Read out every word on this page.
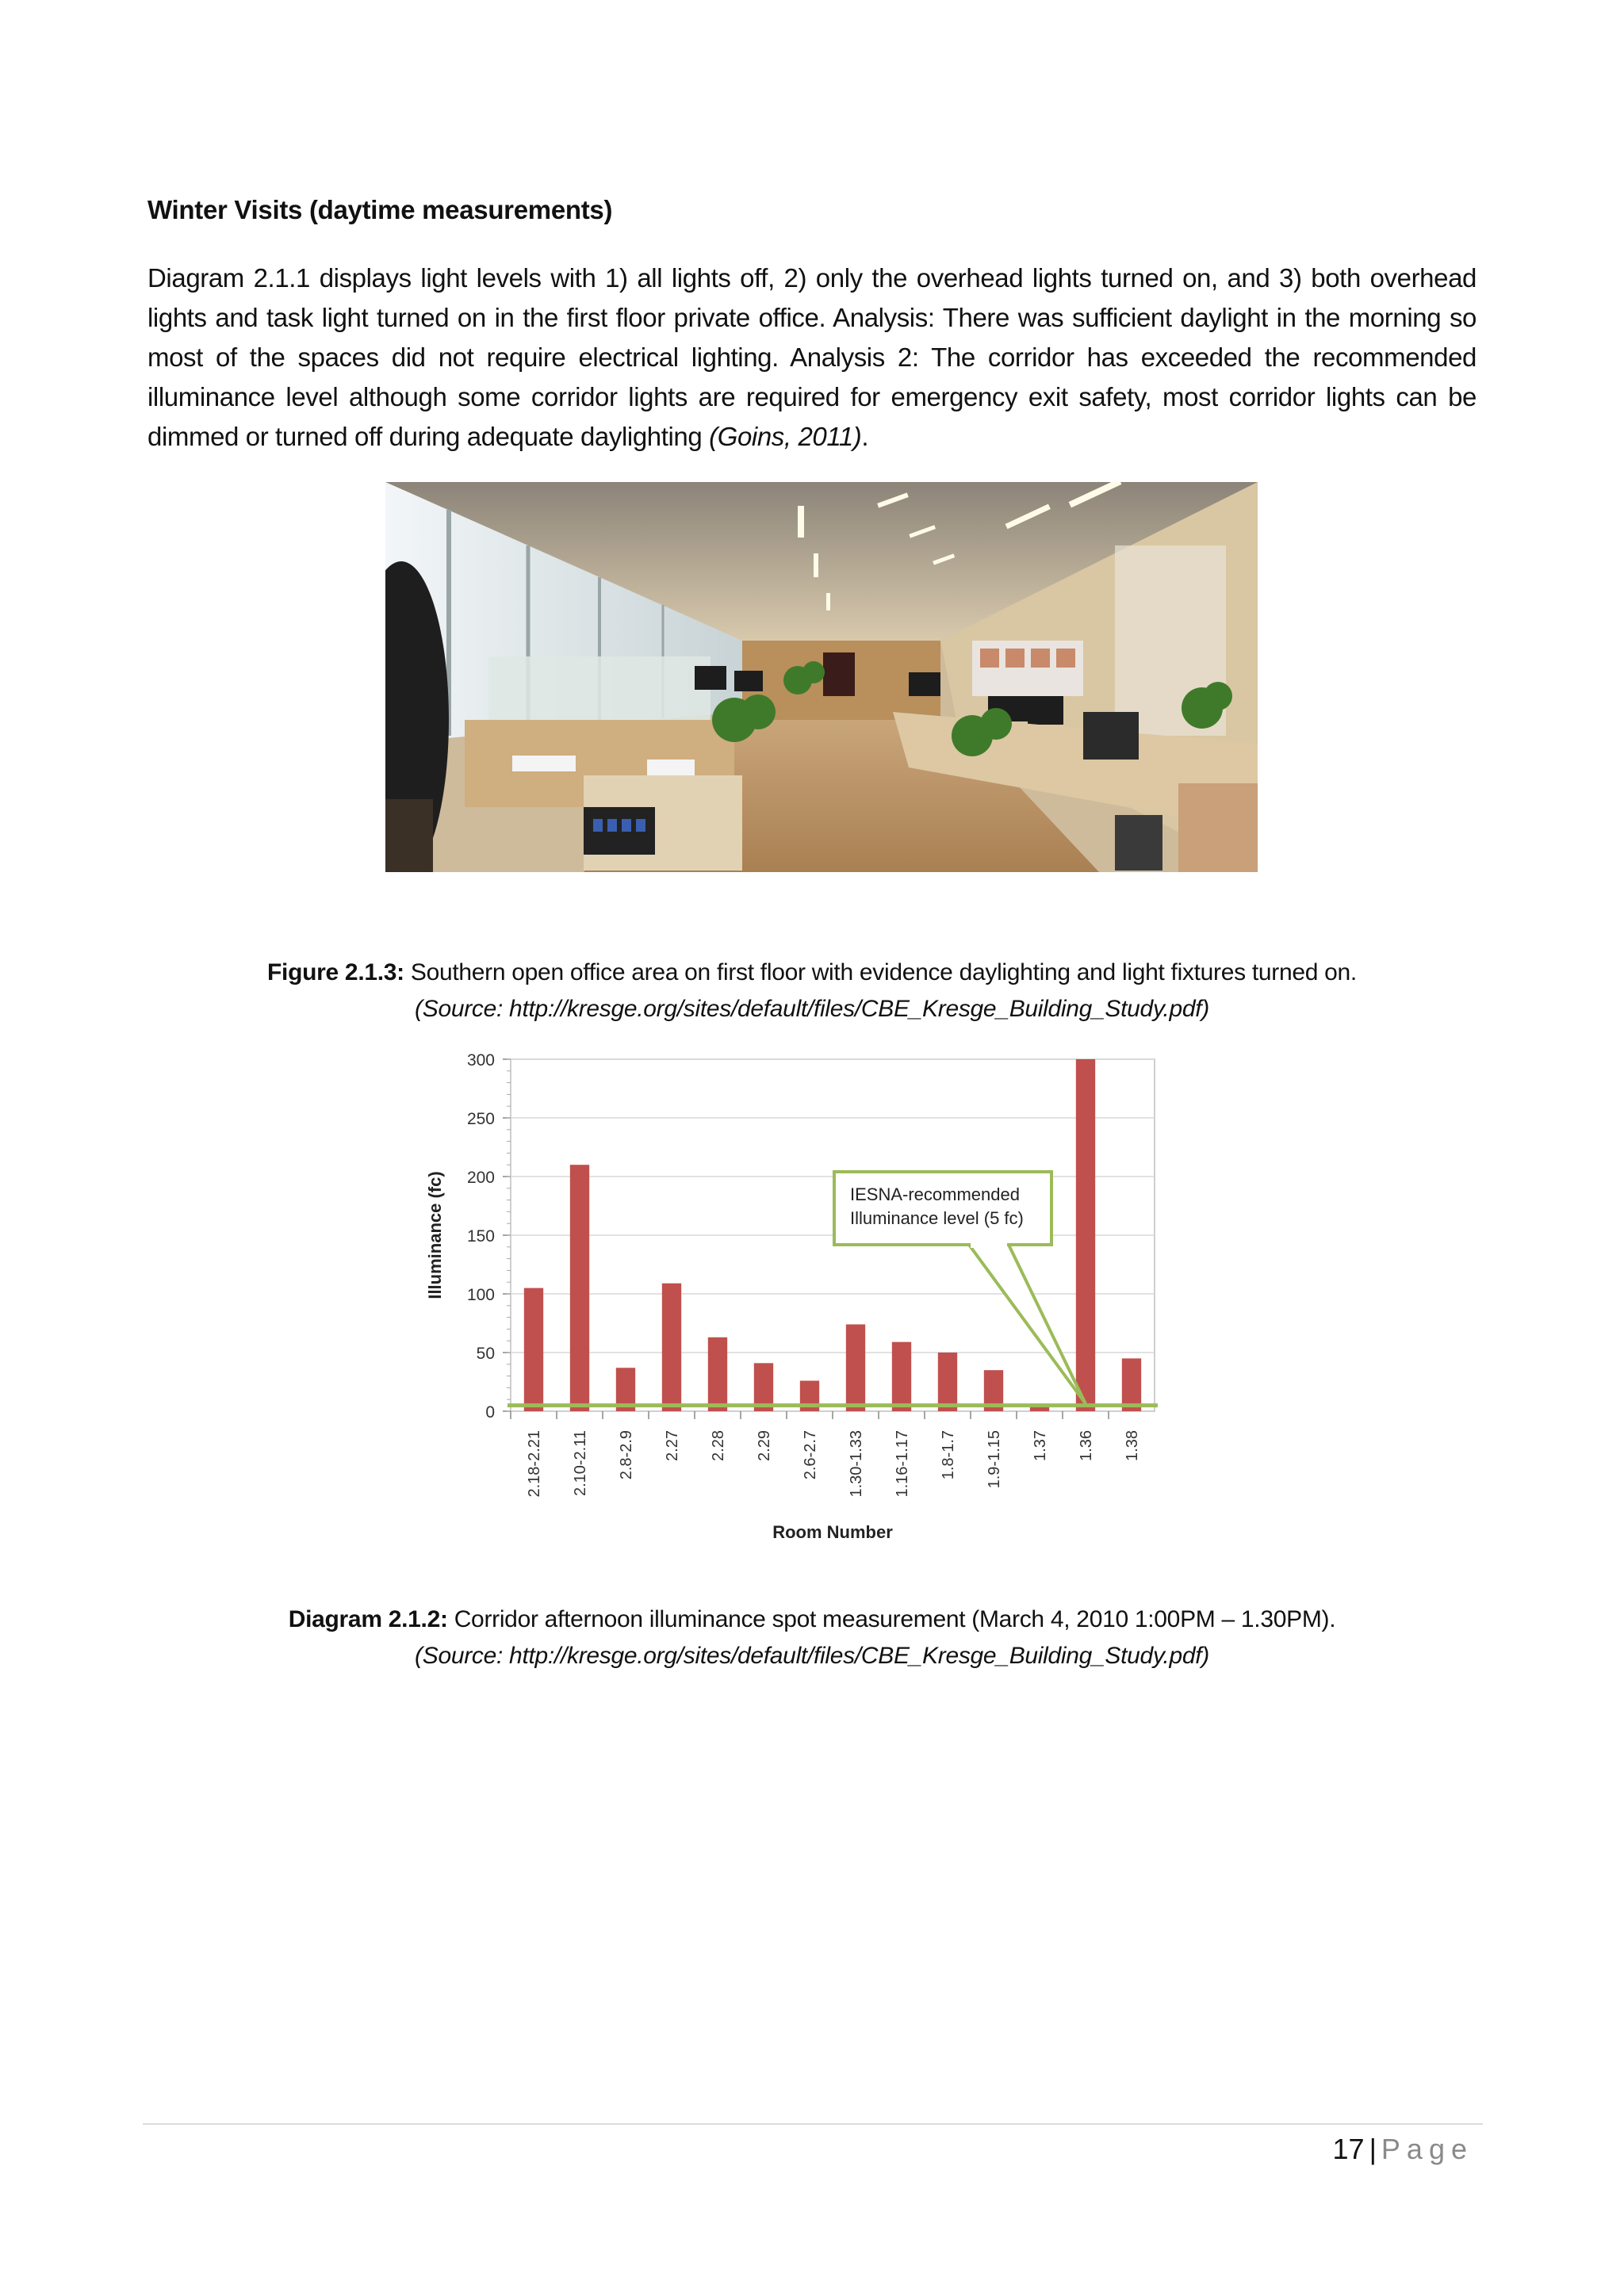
Winter Visits (daytime measurements)
Diagram 2.1.1 displays light levels with 1) all lights off, 2) only the overhead lights turned on, and 3) both overhead lights and task light turned on in the first floor private office. Analysis: There was sufficient daylight in the morning so most of the spaces did not require electrical lighting. Analysis 2: The corridor has exceeded the recommended illuminance level although some corridor lights are required for emergency exit safety, most corridor lights can be dimmed or turned off during adequate daylighting (Goins, 2011).
Figure 2.1.3: Southern open office area on first floor with evidence daylighting and light fixtures turned on.
(Source: http://kresge.org/sites/default/files/CBE_Kresge_Building_Study.pdf)
0
50
100
150
200
250
300
2.18-2.21 2.10-2.11 2.8-2.9 2.27 2.28 2.29 2.6-2.7 1.30-1.33 1.16-1.17 1.8-1.7 1.9-1.15 1.37 1.36 1.38
IESNA-recommended
Illuminance level (5 fc)
Room Number
Illuminance (fc)
Diagram 2.1.2: Corridor afternoon illuminance spot measurement (March 4, 2010 1:00PM – 1.30PM).
(Source: http://kresge.org/sites/default/files/CBE_Kresge_Building_Study.pdf)
17 | Page
